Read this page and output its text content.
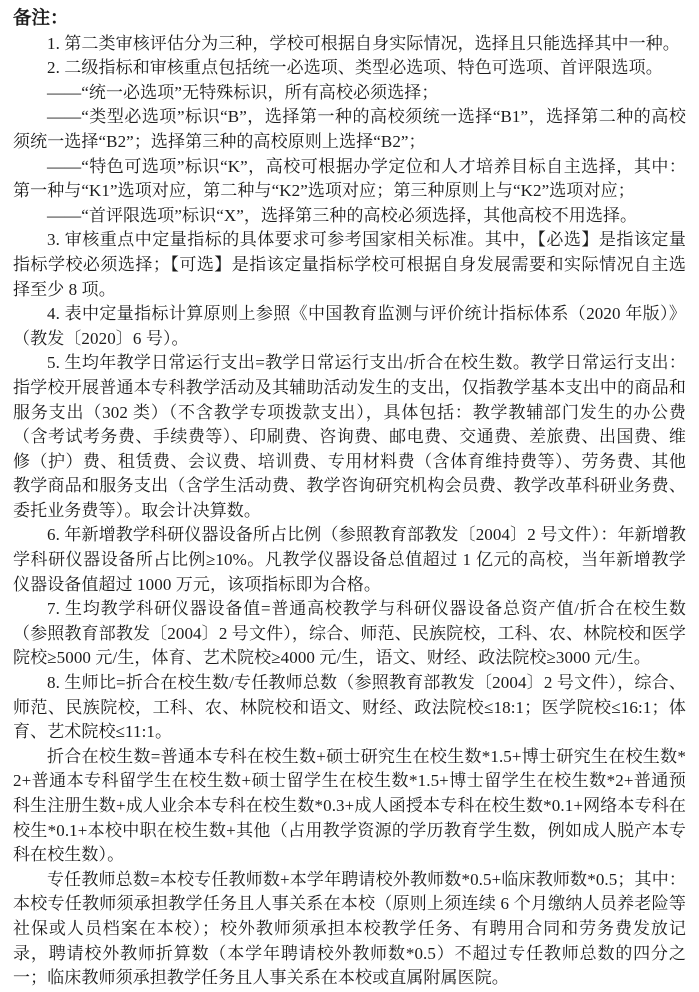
备注：

1. 第二类审核评估分为三种，学校可根据自身实际情况，选择且只能选择其中一种。

2. 二级指标和审核重点包括统一必选项、类型必选项、特色可选项、首评限选项。

——“统一必选项”无特殊标识，所有高校必须选择；

——“类型必选项”标识“B”，选择第一种的高校须统一选择“B1”，选择第二种的高校须统一选择“B2”；选择第三种的高校原则上选择“B2”；

——“特色可选项”标识“K”，高校可根据办学定位和人才培养目标自主选择，其中：第一种与“K1”选项对应，第二种与“K2”选项对应；第三种原则上与“K2”选项对应；

——“首评限选项”标识“X”，选择第三种的高校必须选择，其他高校不用选择。

3. 审核重点中定量指标的具体要求可参考国家相关标准。其中，【必选】是指该定量指标学校必须选择；【可选】是指该定量指标学校可根据自身发展需要和实际情况自主选择至少 8 项。

4. 表中定量指标计算原则上参照《中国教育监测与评价统计指标体系（2020 年版）》（教发〔2020〕6 号）。

5. 生均年教学日常运行支出=教学日常运行支出/折合在校生数。教学日常运行支出：指学校开展普通本专科教学活动及其辅助活动发生的支出，仅指教学基本支出中的商品和服务支出（302 类）（不含教学专项拨款支出），具体包括：教学教辅部门发生的办公费（含考试考务费、手续费等）、印刷费、咨询费、邮电费、交通费、差旅费、出国费、维修（护）费、租赁费、会议费、培训费、专用材料费（含体育维持费等）、劳务费、其他教学商品和服务支出（含学生活动费、教学咨询研究机构会员费、教学改革科研业务费、委托业务费等）。取会计决算数。

6. 年新增教学科研仪器设备所占比例（参照教育部教发〔2004〕2 号文件）：年新增教学科研仪器设备所占比例≥10%。凡教学仪器设备总值超过 1 亿元的高校，当年新增教学仪器设备值超过 1000 万元，该项指标即为合格。

7. 生均教学科研仪器设备值=普通高校教学与科研仪器设备总资产值/折合在校生数（参照教育部教发〔2004〕2 号文件），综合、师范、民族院校，工科、农、林院校和医学院校≥5000 元/生，体育、艺术院校≥4000 元/生，语文、财经、政法院校≥3000 元/生。

8. 生师比=折合在校生数/专任教师总数（参照教育部教发〔2004〕2 号文件），综合、师范、民族院校，工科、农、林院校和语文、财经、政法院校≤18:1；医学院校≤16:1；体育、艺术院校≤11:1。

折合在校生数=普通本专科在校生数+硕士研究生在校生数*1.5+博士研究生在校生数*2+普通本专科留学生在校生数+硕士留学生在校生数*1.5+博士留学生在校生数*2+普通预科生注册生数+成人业余本专科在校生数*0.3+成人函授本专科在校生数*0.1+网络本专科在校生*0.1+本校中职在校生数+其他（占用教学资源的学历教育学生数，例如成人脱产本专科在校生数）。

专任教师总数=本校专任教师数+本学年聘请校外教师数*0.5+临床教师数*0.5；其中：本校专任教师须承担教学任务且人事关系在本校（原则上须连续 6 个月缴纳人员养老险等社保或人员档案在本校）；校外教师须承担本校教学任务、有聘用合同和劳务费发放记录，聘请校外教师折算数（本学年聘请校外教师数*0.5）不超过专任教师总数的四分之一；临床教师须承担教学任务且人事关系在本校或直属附属医院。
